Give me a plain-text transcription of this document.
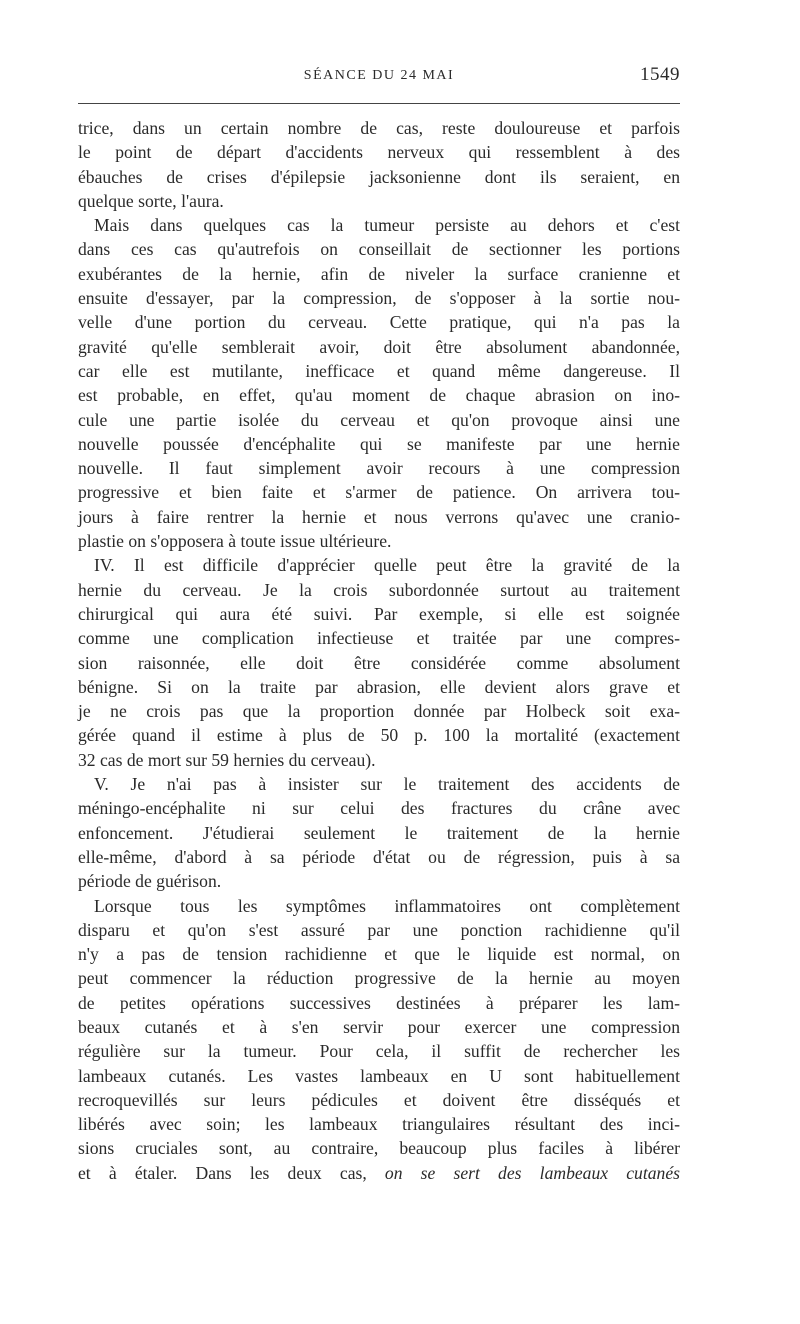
SÉANCE DU 24 MAI	1549

trice, dans un certain nombre de cas, reste douloureuse et parfois
le point de départ d'accidents nerveux qui ressemblent à des
ébauches de crises d'épilepsie jacksonienne dont ils seraient, en
quelque sorte, l'aura.

Mais dans quelques cas la tumeur persiste au dehors et c'est
dans ces cas qu'autrefois on conseillait de sectionner les portions
exubérantes de la hernie, afin de niveler la surface cranienne et
ensuite d'essayer, par la compression, de s'opposer à la sortie nou-
velle d'une portion du cerveau. Cette pratique, qui n'a pas la
gravité qu'elle semblerait avoir, doit être absolument abandonnée,
car elle est mutilante, inefficace et quand même dangereuse. Il
est probable, en effet, qu'au moment de chaque abrasion on ino-
cule une partie isolée du cerveau et qu'on provoque ainsi une
nouvelle poussée d'encéphalite qui se manifeste par une hernie
nouvelle. Il faut simplement avoir recours à une compression
progressive et bien faite et s'armer de patience. On arrivera tou-
jours à faire rentrer la hernie et nous verrons qu'avec une cranio-
plastie on s'opposera à toute issue ultérieure.

IV. Il est difficile d'apprécier quelle peut être la gravité de la
hernie du cerveau. Je la crois subordonnée surtout au traitement
chirurgical qui aura été suivi. Par exemple, si elle est soignée
comme une complication infectieuse et traitée par une compres-
sion raisonnée, elle doit être considérée comme absolument
bénigne. Si on la traite par abrasion, elle devient alors grave et
je ne crois pas que la proportion donnée par Holbeck soit exa-
gérée quand il estime à plus de 50 p. 100 la mortalité (exactement
32 cas de mort sur 59 hernies du cerveau).

V. Je n'ai pas à insister sur le traitement des accidents de
méningo-encéphalite ni sur celui des fractures du crâne avec
enfoncement. J'étudierai seulement le traitement de la hernie
elle-même, d'abord à sa période d'état ou de régression, puis à sa
période de guérison.

Lorsque tous les symptômes inflammatoires ont complètement
disparu et qu'on s'est assuré par une ponction rachidienne qu'il
n'y a pas de tension rachidienne et que le liquide est normal, on
peut commencer la réduction progressive de la hernie au moyen
de petites opérations successives destinées à préparer les lam-
beaux cutanés et à s'en servir pour exercer une compression
régulière sur la tumeur. Pour cela, il suffit de rechercher les
lambeaux cutanés. Les vastes lambeaux en U sont habituellement
recroquevillés sur leurs pédicules et doivent être disséqués et
libérés avec soin; les lambeaux triangulaires résultant des inci-
sions cruciales sont, au contraire, beaucoup plus faciles à libérer
et à étaler. Dans les deux cas, on se sert des lambeaux cutanés
